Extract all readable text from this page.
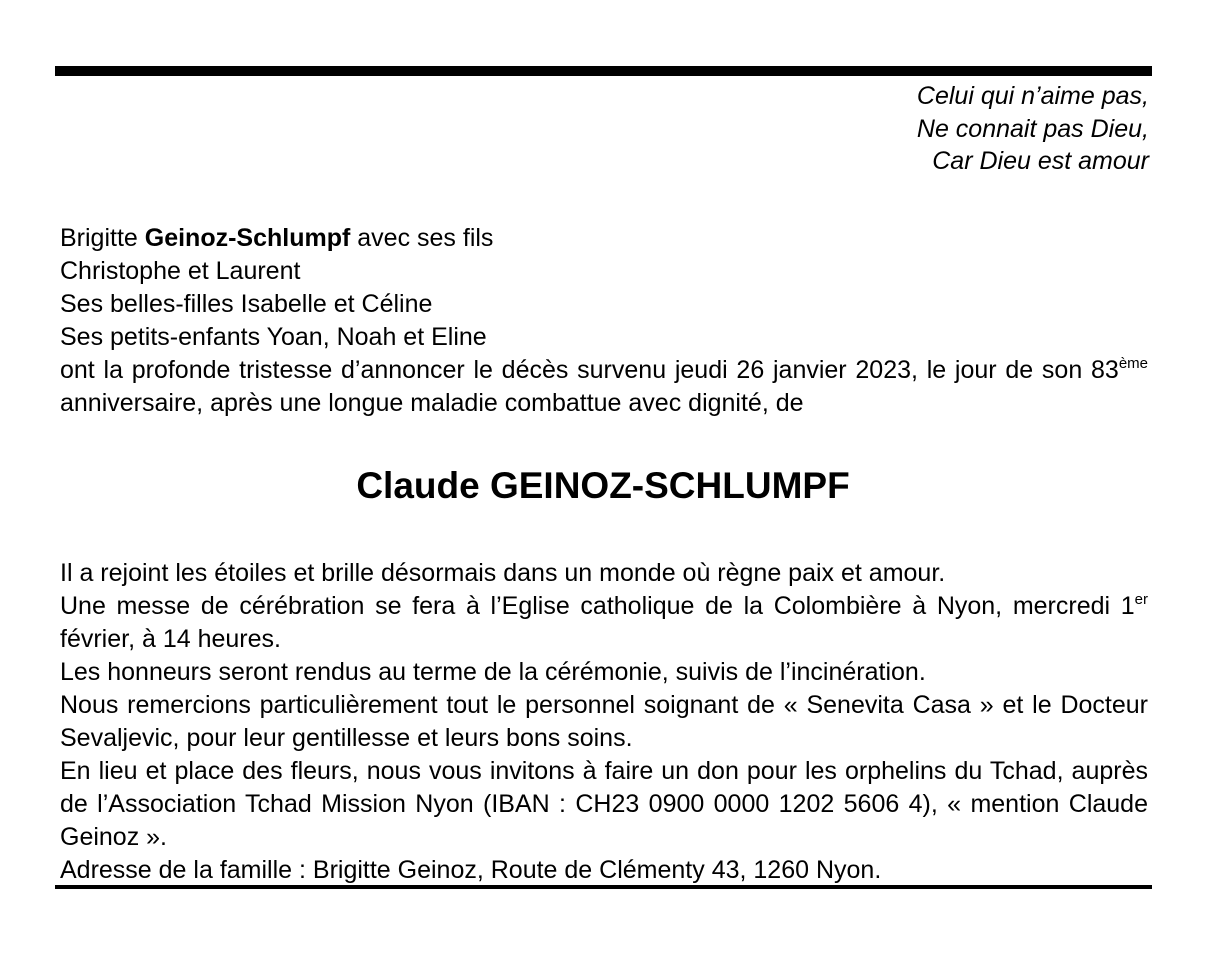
Celui qui n’aime pas,
Ne connait pas Dieu,
Car Dieu est amour

Brigitte Geinoz-Schlumpf avec ses fils

Christophe et Laurent

Ses belles-filles Isabelle et Céline

Ses petits-enfants Yoan, Noah et Eline

ont la profonde tristesse d’annoncer le décès survenu jeudi 26 janvier 2023, le jour de son 83ème anniversaire, après une longue maladie combattue avec dignité, de

Claude GEINOZ-SCHLUMPF

Il a rejoint les étoiles et brille désormais dans un monde où règne paix et amour.

Une messe de cérébration se fera à l’Eglise catholique de la Colombière à Nyon, mercredi 1er février, à 14 heures.

Les honneurs seront rendus au terme de la cérémonie, suivis de l’incinération.

Nous remercions particulièrement tout le personnel soignant de « Senevita Casa » et le Docteur Sevaljevic, pour leur gentillesse et leurs bons soins.

En lieu et place des fleurs, nous vous invitons à faire un don pour les orphelins du Tchad, auprès de l’Association Tchad Mission Nyon (IBAN : CH23 0900 0000 1202 5606 4), « mention Claude Geinoz ».

Adresse de la famille : Brigitte Geinoz, Route de Clémenty 43, 1260 Nyon.
